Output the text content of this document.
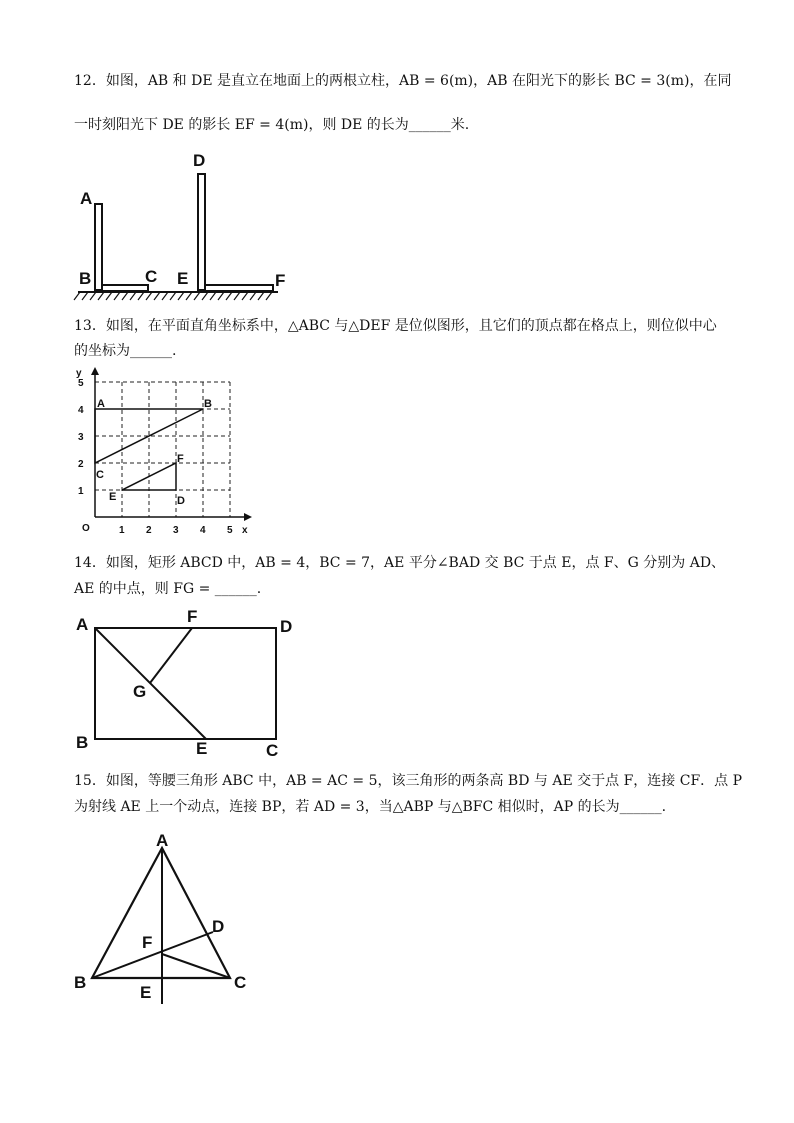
12．如图，AB 和 DE 是直立在地面上的两根立柱，AB = 6(m)，AB 在阳光下的影长 BC = 3(m)，在同
一时刻阳光下 DE 的影长 EF = 4(m)，则 DE 的长为______米.
A
B	C
D
E	F
13．如图，在平面直角坐标系中，△ABC 与△DEF 是位似图形，且它们的顶点都在格点上，则位似中心
的坐标为______.
x
y
O	1 2 3 4 5
1
2
3
4
5
A	B
C
D
E
F
14．如图，矩形 ABCD 中，AB = 4，BC = 7，AE 平分∠BAD 交 BC 于点 E，点 F、G 分别为 AD、
AE 的中点，则 FG = ______.
A
B	C
D
E
F
G
15．如图，等腰三角形 ABC 中，AB = AC = 5，该三角形的两条高 BD 与 AE 交于点 F，连接 CF．点 P
为射线 AE 上一个动点，连接 BP，若 AD = 3，当△ABP 与△BFC 相似时，AP 的长为______.
A
B	C
D
E
F
